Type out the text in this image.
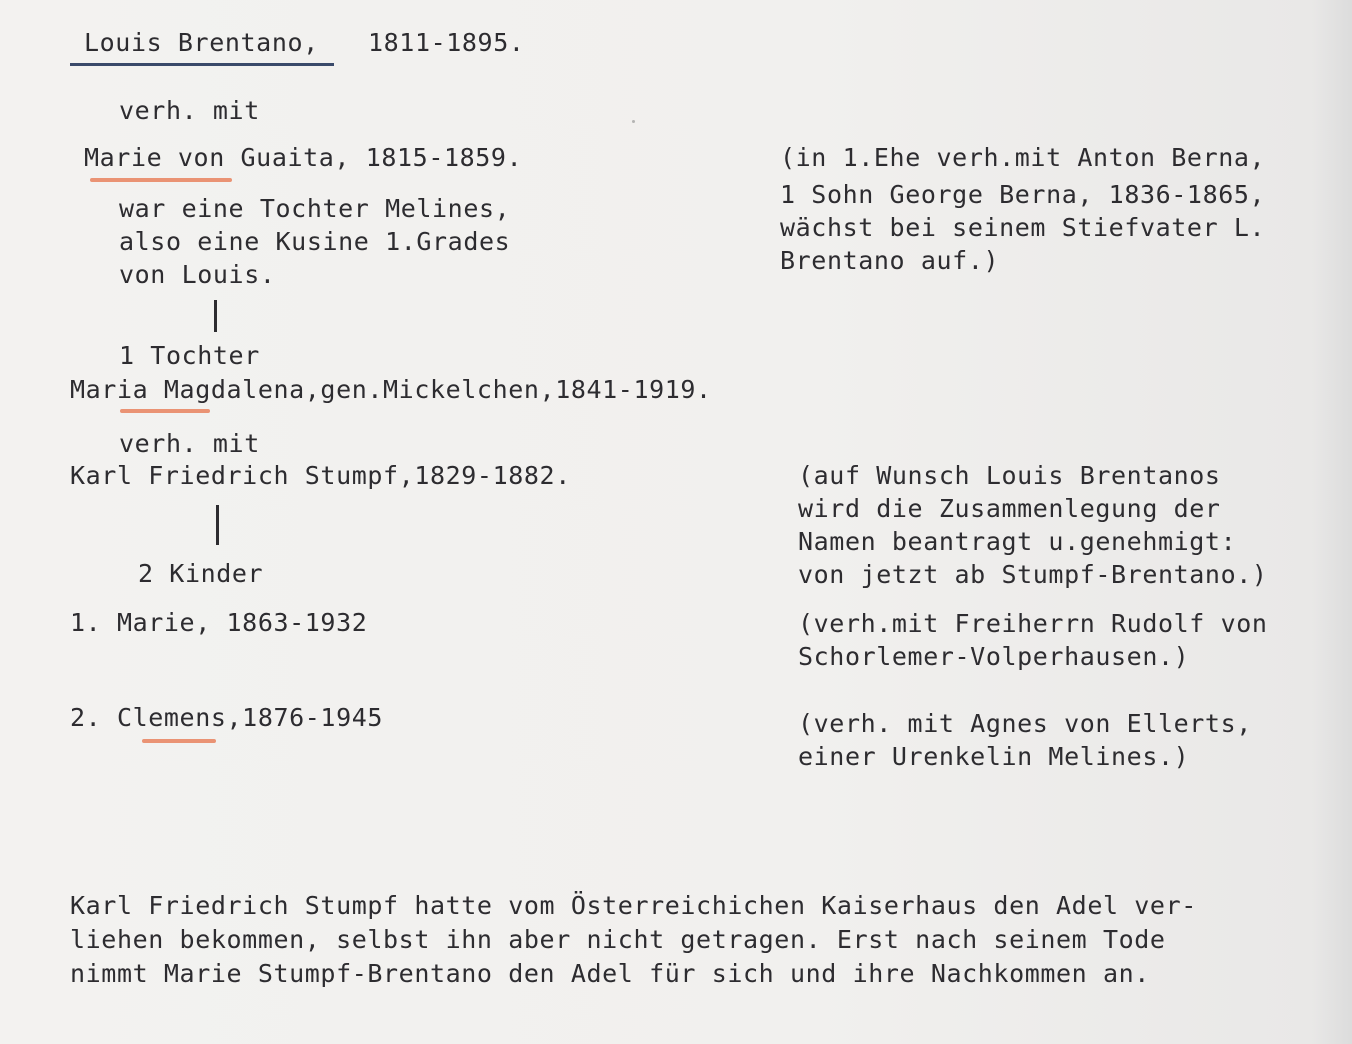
Louis Brentano, 1811-1895.
verh. mit
Marie von Guaita, 1815-1859.
war eine Tochter Melines,
also eine Kusine 1.Grades
von Louis.
(in 1.Ehe verh.mit Anton Berna,
1 Sohn George Berna, 1836-1865,
wächst bei seinem Stiefvater L.
Brentano auf.)
1 Tochter
Maria Magdalena,gen.Mickelchen,1841-1919.
verh. mit
Karl Friedrich Stumpf,1829-1882.	(auf Wunsch Louis Brentanos
wird die Zusammenlegung der
Namen beantragt u.genehmigt:
von jetzt ab Stumpf-Brentano.)
2 Kinder
1. Marie, 1863-1932	(verh.mit Freiherrn Rudolf von
Schorlemer-Volperhausen.)
2. Clemens,1876-1945	(verh. mit Agnes von Ellerts,
einer Urenkelin Melines.)
Karl Friedrich Stumpf hatte vom Österreichichen Kaiserhaus den Adel ver-
liehen bekommen, selbst ihn aber nicht getragen. Erst nach seinem Tode
nimmt Marie Stumpf-Brentano den Adel für sich und ihre Nachkommen an.
